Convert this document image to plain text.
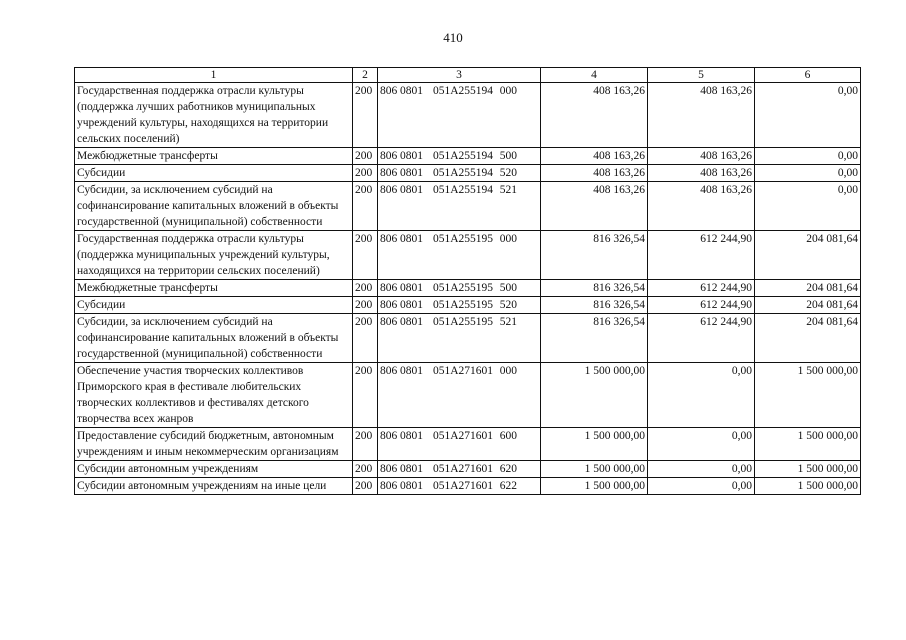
410
1	2	3	4	5	6
Государственная поддержка отрасли культуры (поддержка лучших работников муниципальных учреждений культуры, находящихся на территории сельских поселений)	200	806 0801 051A255194 000	408 163,26	408 163,26	0,00
Межбюджетные трансферты	200	806 0801 051A255194 500	408 163,26	408 163,26	0,00
Субсидии	200	806 0801 051A255194 520	408 163,26	408 163,26	0,00
Субсидии, за исключением субсидий на софинансирование капитальных вложений в объекты государственной (муниципальной) собственности	200	806 0801 051A255194 521	408 163,26	408 163,26	0,00
Государственная поддержка отрасли культуры (поддержка муниципальных учреждений культуры, находящихся на территории сельских поселений)	200	806 0801 051A255195 000	816 326,54	612 244,90	204 081,64
Межбюджетные трансферты	200	806 0801 051A255195 500	816 326,54	612 244,90	204 081,64
Субсидии	200	806 0801 051A255195 520	816 326,54	612 244,90	204 081,64
Субсидии, за исключением субсидий на софинансирование капитальных вложений в объекты государственной (муниципальной) собственности	200	806 0801 051A255195 521	816 326,54	612 244,90	204 081,64
Обеспечение участия творческих коллективов Приморского края в фестивале любительских творческих коллективов и фестивалях детского творчества всех жанров	200	806 0801 051A271601 000	1 500 000,00	0,00	1 500 000,00
Предоставление субсидий бюджетным, автономным учреждениям и иным некоммерческим организациям	200	806 0801 051A271601 600	1 500 000,00	0,00	1 500 000,00
Субсидии автономным учреждениям	200	806 0801 051A271601 620	1 500 000,00	0,00	1 500 000,00
Субсидии автономным учреждениям на иные цели	200	806 0801 051A271601 622	1 500 000,00	0,00	1 500 000,00
